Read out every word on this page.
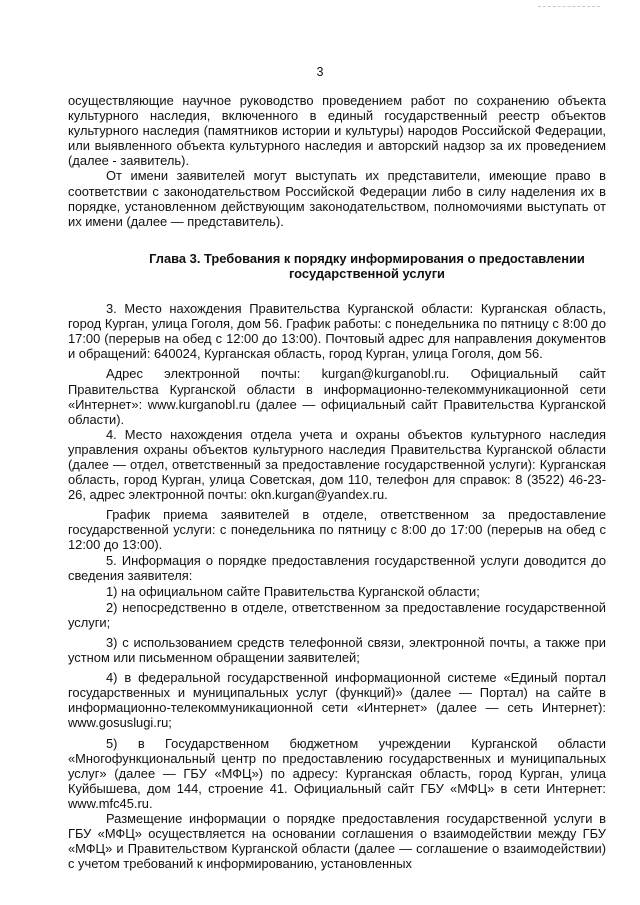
3

осуществляющие научное руководство проведением работ по сохранению объекта культурного наследия, включенного в единый государственный реестр объектов культурного наследия (памятников истории и культуры) народов Российской Федерации, или выявленного объекта культурного наследия и авторский надзор за их проведением (далее - заявитель).

От имени заявителей могут выступать их представители, имеющие право в соответствии с законодательством Российской Федерации либо в силу наделения их в порядке, установленном действующим законодательством, полномочиями выступать от их имени (далее — представитель).

Глава 3. Требования к порядку информирования о предоставлении государственной услуги

3. Место нахождения Правительства Курганской области: Курганская область, город Курган, улица Гоголя, дом 56. График работы: с понедельника по пятницу с 8:00 до 17:00 (перерыв на обед с 12:00 до 13:00). Почтовый адрес для направления документов и обращений: 640024, Курганская область, город Курган, улица Гоголя, дом 56.

Адрес электронной почты: kurgan@kurganobl.ru. Официальный сайт Правительства Курганской области в информационно-телекоммуникационной сети «Интернет»: www.kurganobl.ru (далее — официальный сайт Правительства Курганской области).

4. Место нахождения отдела учета и охраны объектов культурного наследия управления охраны объектов культурного наследия Правительства Курганской области (далее — отдел, ответственный за предоставление государственной услуги): Курганская область, город Курган, улица Советская, дом 110, телефон для справок: 8 (3522) 46-23-26, адрес электронной почты: okn.kurgan@yandex.ru.

График приема заявителей в отделе, ответственном за предоставление государственной услуги: с понедельника по пятницу с 8:00 до 17:00 (перерыв на обед с 12:00 до 13:00).

5. Информация о порядке предоставления государственной услуги доводится до сведения заявителя:

1) на официальном сайте Правительства Курганской области;

2) непосредственно в отделе, ответственном за предоставление государственной услуги;

3) с использованием средств телефонной связи, электронной почты, а также при устном или письменном обращении заявителей;

4) в федеральной государственной информационной системе «Единый портал государственных и муниципальных услуг (функций)» (далее — Портал) на сайте в информационно-телекоммуникационной сети «Интернет» (далее — сеть Интернет): www.gosuslugi.ru;

5) в Государственном бюджетном учреждении Курганской области «Многофункциональный центр по предоставлению государственных и муниципальных услуг» (далее — ГБУ «МФЦ») по адресу: Курганская область, город Курган, улица Куйбышева, дом 144, строение 41. Официальный сайт ГБУ «МФЦ» в сети Интернет: www.mfc45.ru.

Размещение информации о порядке предоставления государственной услуги в ГБУ «МФЦ» осуществляется на основании соглашения о взаимодействии между ГБУ «МФЦ» и Правительством Курганской области (далее — соглашение о взаимодействии) с учетом требований к информированию, установленных
